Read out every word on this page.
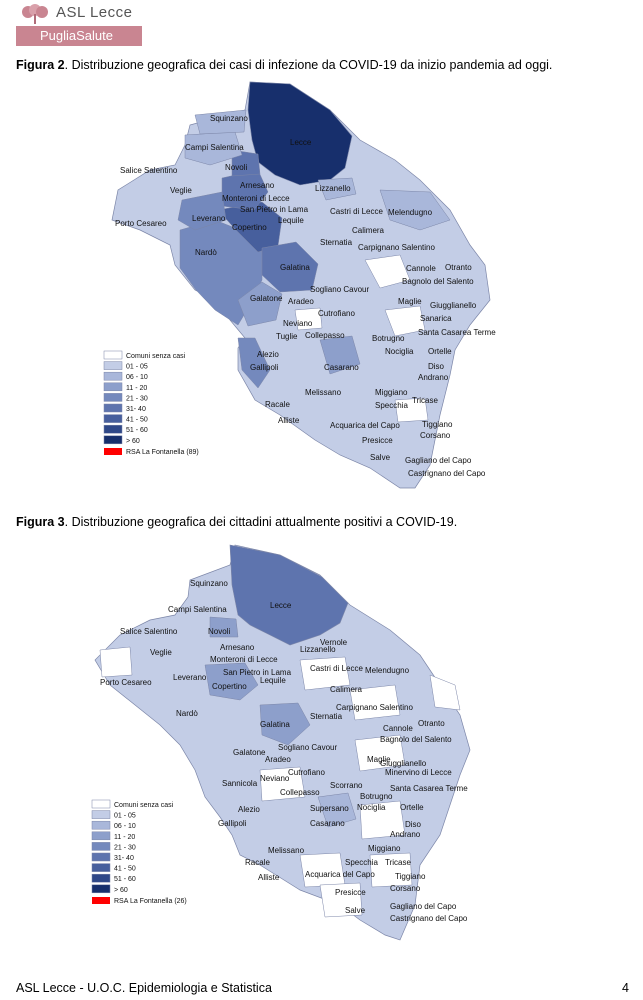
ASL Lecce
PugliaSalute
Figura 2. Distribuzione geografica dei casi di infezione da COVID-19 da inizio pandemia ad oggi.
Squinzano
Lecce
Campi Salentina
Novoli
Salice Salentino
Veglie
Arnesano
Monteroni di Lecce
Lizzanello
Porto Cesareo
Leverano
San Pietro in Lama	Castri di Lecce Melendugno
Copertino
Lequile
Calimera
Sternatia
Carpignano Salentino
Nardò
Galatina	Cannole Otranto
Bagnolo del Salento
Galatone Aradeo
Sogliano Cavour
Maglie Giugglianello
Neviano
Cutrofiano
Sanarica
Tuglie Collepasso	Santa Casarea Terme
Botrugno
Alezio	Nociglia Ortelle
Gallipoli	Casarano	Diso
Andrano
Melissano	Miggiano
Racale	Specchia
Tricase
Alliste
Acquarica del Capo	Tiggiano
Presicce
Corsano
Salve Gagliano del Capo
Castrignano del Capo
Comuni senza casi
01 - 05
06 - 10
11 - 20
21 - 30
31- 40
41 - 50
51 - 60
> 60
RSA La Fontanella (89)
Figura 3. Distribuzione geografica dei cittadini attualmente positivi a COVID-19.
Squinzano
Lecce
Campi Salentina
Novoli
Vernole
Salice Salentino
Veglie
Arnesano	Lizzanello
Monteroni di Lecce
San Pietro in Lama Castri di Lecce Melendugno
Porto Cesareo
Leverano	Lequile
Copertino	Calimera
Sternatia
Carpignano Salentino
Nardò
Cannole
Otranto
Galatina
Bagnolo del Salento
Sogliano Cavour
Galatone
Maglie
Aradeo	Giugglianello
Minervino di Lecce
Cutrofiano
Sannicola
Neviano
Scorrano	Santa Casarea Terme
Collepasso	Botrugno
Supersano Nociglia
Alezio	Ortelle
Gallipoli	Casarano	Diso
Andrano
Miggiano
Melissano
Racale	Specchia Tricase
Alliste	Acquarica del Capo	Tiggiano
Presicce	Corsano
Salve	Gagliano del Capo
Castrignano del Capo
Comuni senza casi
01 - 05
06 - 10
11 - 20
21 - 30
31- 40
41 - 50
51 - 60
> 60
RSA La Fontanella (26)
ASL Lecce - U.O.C. Epidemiologia e Statistica	4
